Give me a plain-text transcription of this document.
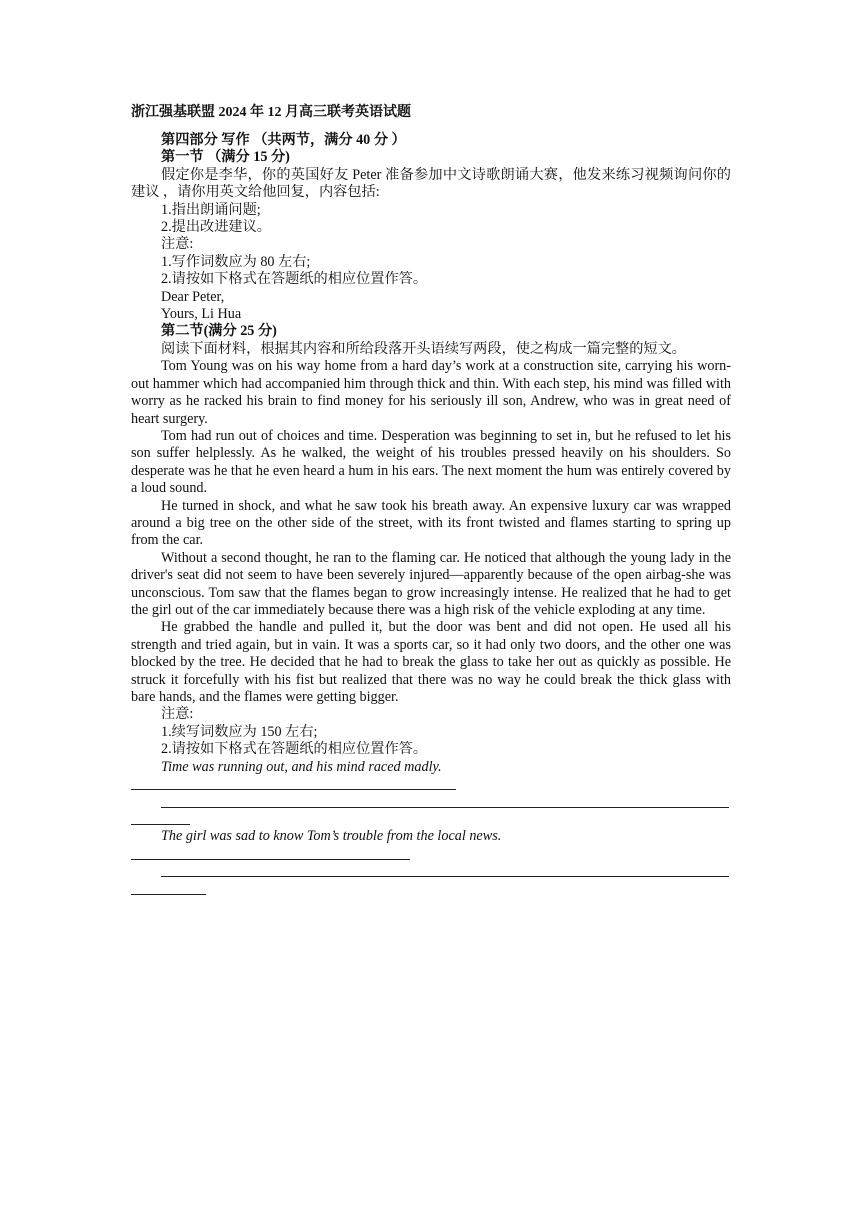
浙江强基联盟 2024 年 12 月高三联考英语试题
第四部分 写作 （共两节，满分 40 分 ）
第一节 （满分 15 分)

假定你是李华，你的英国好友 Peter 准备参加中文诗歌朗诵大赛，他发来练习视频询问你的建议 ，请你用英文给他回复，内容包括:

1.指出朗诵问题;
2.提出改进建议。
注意:
1.写作词数应为 80 左右;
2.请按如下格式在答题纸的相应位置作答。
Dear Peter,
Yours, Li Hua
第二节(满分 25 分)

阅读下面材料，根据其内容和所给段落开头语续写两段，使之构成一篇完整的短文。

Tom Young was on his way home from a hard day’s work at a construction site, carrying his worn-out hammer which had accompanied him through thick and thin. With each step, his mind was filled with worry as he racked his brain to find money for his seriously ill son, Andrew, who was in great need of heart surgery.

Tom had run out of choices and time. Desperation was beginning to set in, but he refused to let his son suffer helplessly. As he walked, the weight of his troubles pressed heavily on his shoulders. So desperate was he that he even heard a hum in his ears. The next moment the hum was entirely covered by a loud sound.

He turned in shock, and what he saw took his breath away. An expensive luxury car was wrapped around a big tree on the other side of the street, with its front twisted and flames starting to spring up from the car.

Without a second thought, he ran to the flaming car. He noticed that although the young lady in the driver's seat did not seem to have been severely injured—apparently because of the open airbag-she was unconscious. Tom saw that the flames began to grow increasingly intense. He realized that he had to get the girl out of the car immediately because there was a high risk of the vehicle exploding at any time.

He grabbed the handle and pulled it, but the door was bent and did not open. He used all his strength and tried again, but in vain. It was a sports car, so it had only two doors, and the other one was blocked by the tree. He decided that he had to break the glass to take her out as quickly as possible. He struck it forcefully with his fist but realized that there was no way he could break the thick glass with bare hands, and the flames were getting bigger.

注意:
1.续写词数应为 150 左右;
2.请按如下格式在答题纸的相应位置作答。
Time was running out, and his mind raced madly.
The girl was sad to know Tom’s trouble from the local news.
